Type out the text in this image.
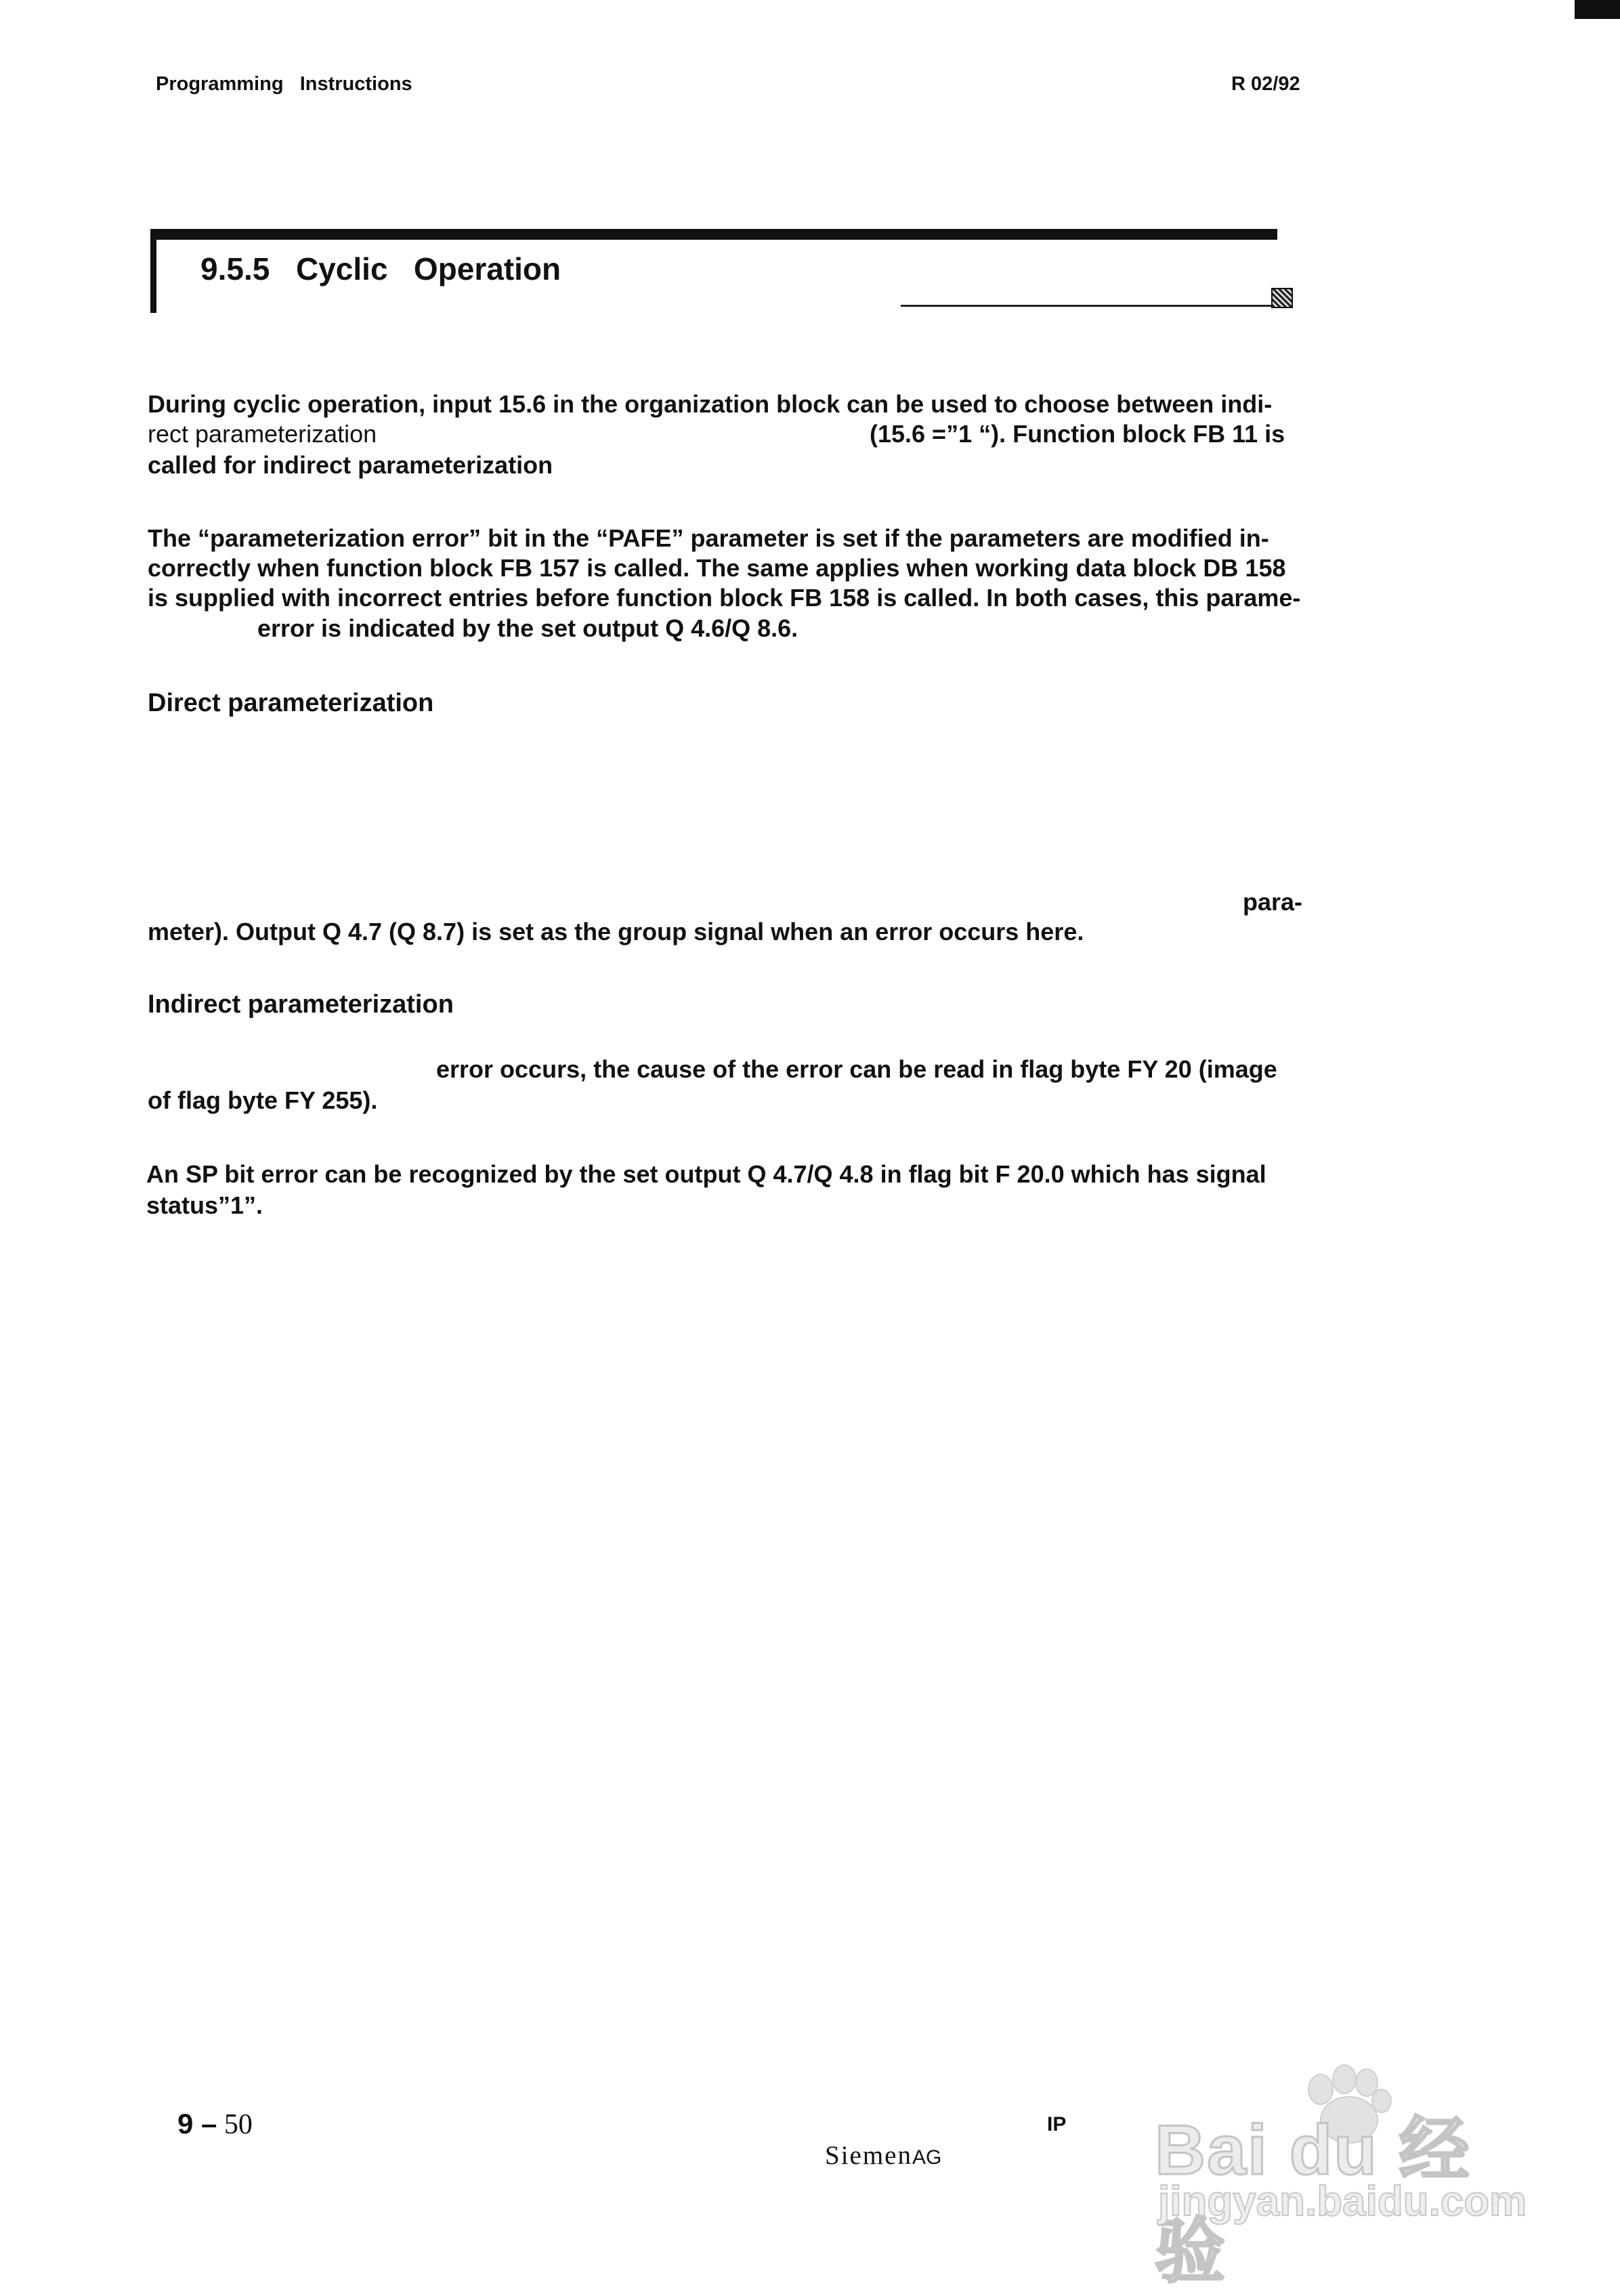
Programming   Instructions	R 02/92
9.5.5 Cyclic   Operation
During cyclic operation, input 15.6 in the organization block can be used to choose between indi-
rect parameterization	(15.6 =”1 “). Function block FB 11 is
called for indirect parameterization
The “parameterization error” bit in the “PAFE” parameter is set if the parameters are modified in-
correctly when function block FB 157 is called. The same applies when working data block DB 158
is supplied with incorrect entries before function block FB 158 is called. In both cases, this parame-
error is indicated by the set output Q 4.6/Q 8.6.
Direct parameterization
para-
meter). Output Q 4.7 (Q 8.7) is set as the group signal when an error occurs here.
Indirect parameterization
error occurs, the cause of the error can be read in flag byte FY 20 (image
of flag byte FY 255).
An SP bit error can be recognized by the set output Q 4.7/Q 4.8 in flag bit F 20.0 which has signal
status”1”.
9 – 50	IP
SiemenAG	Bai du 经验
jingyan.baidu.com
